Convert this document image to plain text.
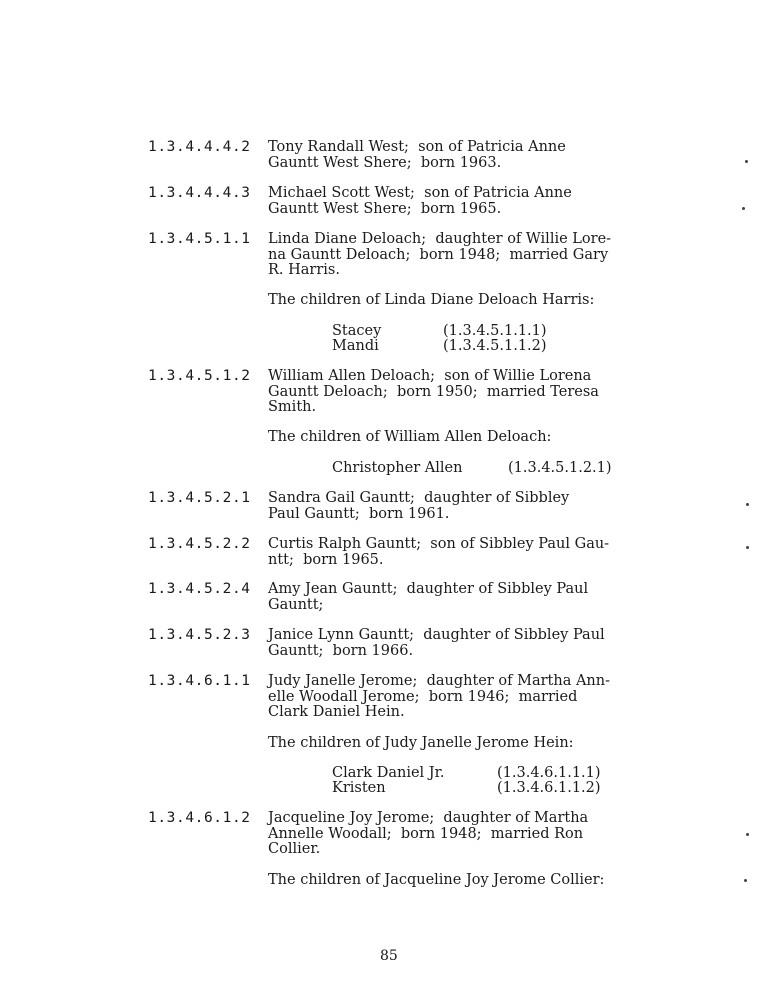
1.3.4.4.4.2 Tony Randall West;  son of Patricia Anne
Gauntt West Shere;  born 1963.
1.3.4.4.4.3 Michael Scott West;  son of Patricia Anne
Gauntt West Shere;  born 1965.
1.3.4.5.1.1 Linda Diane Deloach;  daughter of Willie Lore-
na Gauntt Deloach;  born 1948;  married Gary
R. Harris.
The children of Linda Diane Deloach Harris:
Stacey	(1.3.4.5.1.1.1)
Mandi	(1.3.4.5.1.1.2)
1.3.4.5.1.2 William Allen Deloach;  son of Willie Lorena
Gauntt Deloach;  born 1950;  married Teresa
Smith.
The children of William Allen Deloach:
Christopher Allen	(1.3.4.5.1.2.1)
1.3.4.5.2.1 Sandra Gail Gauntt;  daughter of Sibbley
Paul Gauntt;  born 1961.
1.3.4.5.2.2 Curtis Ralph Gauntt;  son of Sibbley Paul Gau-
ntt;  born 1965.
1.3.4.5.2.4 Amy Jean Gauntt;  daughter of Sibbley Paul
Gauntt;
1.3.4.5.2.3 Janice Lynn Gauntt;  daughter of Sibbley Paul
Gauntt;  born 1966.
1.3.4.6.1.1 Judy Janelle Jerome;  daughter of Martha Ann-
elle Woodall Jerome;  born 1946;  married
Clark Daniel Hein.
The children of Judy Janelle Jerome Hein:
Clark Daniel Jr.	(1.3.4.6.1.1.1)
Kristen	(1.3.4.6.1.1.2)
1.3.4.6.1.2 Jacqueline Joy Jerome;  daughter of Martha
Annelle Woodall;  born 1948;  married Ron
Collier.
The children of Jacqueline Joy Jerome Collier:
85
